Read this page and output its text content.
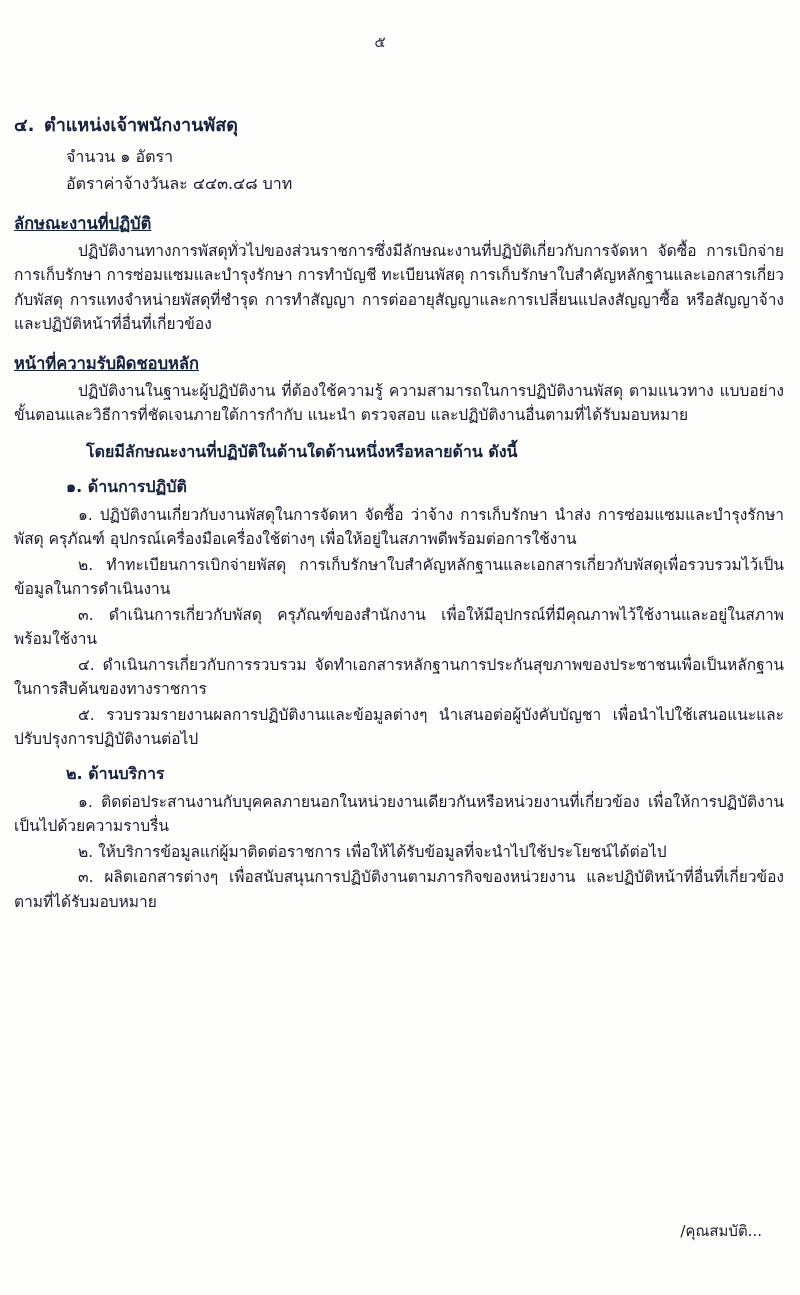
๕
๔. ตำแหน่งเจ้าพนักงานพัสดุ
จำนวน ๑ อัตรา
อัตราค่าจ้างวันละ ๔๔๓.๔๘ บาท
ลักษณะงานที่ปฏิบัติ

ปฏิบัติงานทางการพัสดุทั่วไปของส่วนราชการซึ่งมีลักษณะงานที่ปฏิบัติเกี่ยวกับการจัดหา จัดซื้อ การเบิกจ่าย การเก็บรักษา การซ่อมแซมและบำรุงรักษา การทำบัญชี ทะเบียนพัสดุ การเก็บรักษาใบสำคัญหลักฐานและเอกสารเกี่ยวกับพัสดุ การแทงจำหน่ายพัสดุที่ชำรุด การทำสัญญา การต่ออายุสัญญาและการเปลี่ยนแปลงสัญญาซื้อ หรือสัญญาจ้าง และปฏิบัติหน้าที่อื่นที่เกี่ยวข้อง

หน้าที่ความรับผิดชอบหลัก

ปฏิบัติงานในฐานะผู้ปฏิบัติงาน ที่ต้องใช้ความรู้ ความสามารถในการปฏิบัติงานพัสดุ ตามแนวทาง แบบอย่าง ขั้นตอนและวิธีการที่ชัดเจนภายใต้การกำกับ แนะนำ ตรวจสอบ และปฏิบัติงานอื่นตามที่ได้รับมอบหมาย

โดยมีลักษณะงานที่ปฏิบัติในด้านใดด้านหนึ่งหรือหลายด้าน ดังนี้
๑. ด้านการปฏิบัติ

๑. ปฏิบัติงานเกี่ยวกับงานพัสดุในการจัดหา จัดซื้อ ว่าจ้าง การเก็บรักษา นำส่ง การซ่อมแซมและบำรุงรักษาพัสดุ ครุภัณฑ์ อุปกรณ์เครื่องมือเครื่องใช้ต่างๆ เพื่อให้อยู่ในสภาพดีพร้อมต่อการใช้งาน

๒. ทำทะเบียนการเบิกจ่ายพัสดุ การเก็บรักษาใบสำคัญหลักฐานและเอกสารเกี่ยวกับพัสดุเพื่อรวบรวมไว้เป็นข้อมูลในการดำเนินงาน

๓. ดำเนินการเกี่ยวกับพัสดุ ครุภัณฑ์ของสำนักงาน เพื่อให้มีอุปกรณ์ที่มีคุณภาพไว้ใช้งานและอยู่ในสภาพพร้อมใช้งาน

๔. ดำเนินการเกี่ยวกับการรวบรวม จัดทำเอกสารหลักฐานการประกันสุขภาพของประชาชนเพื่อเป็นหลักฐานในการสืบค้นของทางราชการ

๕. รวบรวมรายงานผลการปฏิบัติงานและข้อมูลต่างๆ นำเสนอต่อผู้บังคับบัญชา เพื่อนำไปใช้เสนอแนะและปรับปรุงการปฏิบัติงานต่อไป

๒. ด้านบริการ

๑. ติดต่อประสานงานกับบุคคลภายนอกในหน่วยงานเดียวกันหรือหน่วยงานที่เกี่ยวข้อง เพื่อให้การปฏิบัติงานเป็นไปด้วยความราบรื่น

๒. ให้บริการข้อมูลแก่ผู้มาติดต่อราชการ เพื่อให้ได้รับข้อมูลที่จะนำไปใช้ประโยชน์ได้ต่อไป

๓. ผลิตเอกสารต่างๆ เพื่อสนับสนุนการปฏิบัติงานตามภารกิจของหน่วยงาน และปฏิบัติหน้าที่อื่นที่เกี่ยวข้องตามที่ได้รับมอบหมาย

/คุณสมบัติ...
